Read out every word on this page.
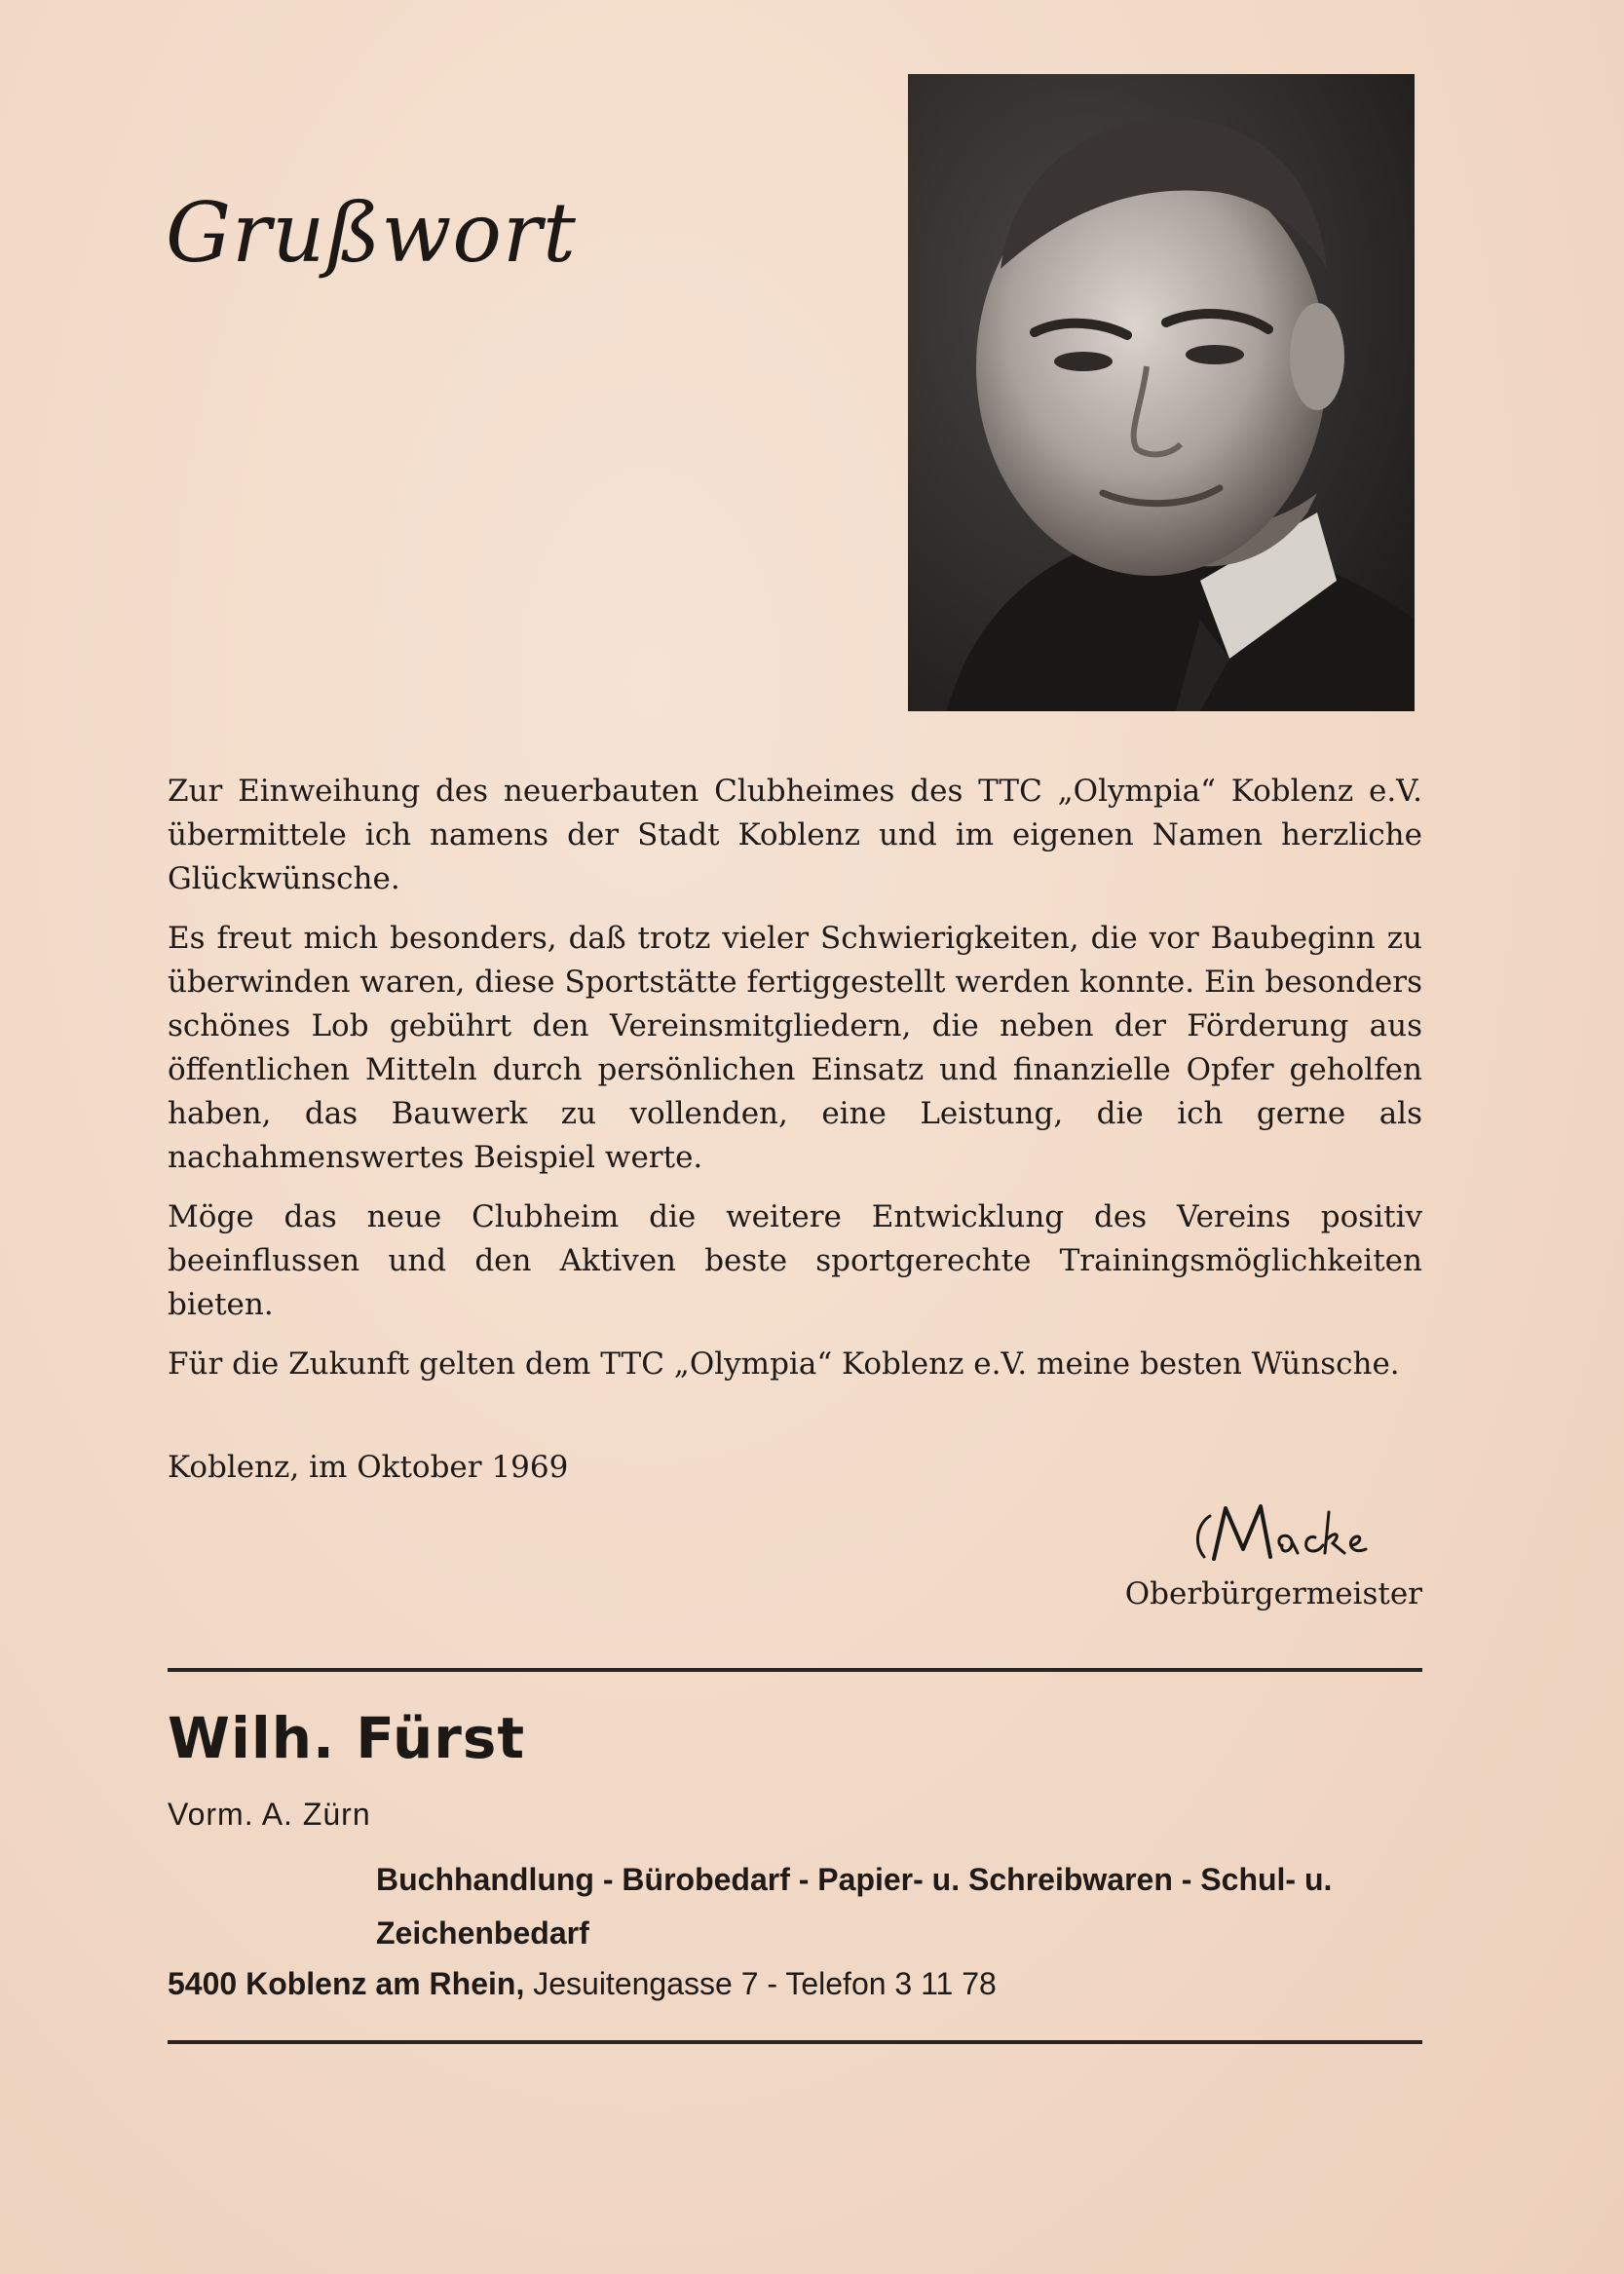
Grußwort

Zur Einweihung des neuerbauten Clubheimes des TTC „Olympia“ Koblenz e.V. übermittele ich namens der Stadt Koblenz und im eigenen Namen herzliche Glückwünsche.

Es freut mich besonders, daß trotz vieler Schwierigkeiten, die vor Baubeginn zu überwinden waren, diese Sportstätte fertiggestellt werden konnte. Ein besonders schönes Lob gebührt den Vereinsmitgliedern, die neben der Förderung aus öffentlichen Mitteln durch persönlichen Einsatz und finanzielle Opfer geholfen haben, das Bauwerk zu vollenden, eine Leistung, die ich gerne als nachahmenswertes Beispiel werte.

Möge das neue Clubheim die weitere Entwicklung des Vereins positiv beeinflussen und den Aktiven beste sportgerechte Trainingsmöglichkeiten bieten.

Für die Zukunft gelten dem TTC „Olympia“ Koblenz e.V. meine besten Wünsche.

Koblenz, im Oktober 1969
Oberbürgermeister
Wilh. Fürst
Vorm. A. Zürn
Buchhandlung - Bürobedarf - Papier- u. Schreibwaren - Schul- u. Zeichenbedarf
5400 Koblenz am Rhein, Jesuitengasse 7 - Telefon 3 11 78
